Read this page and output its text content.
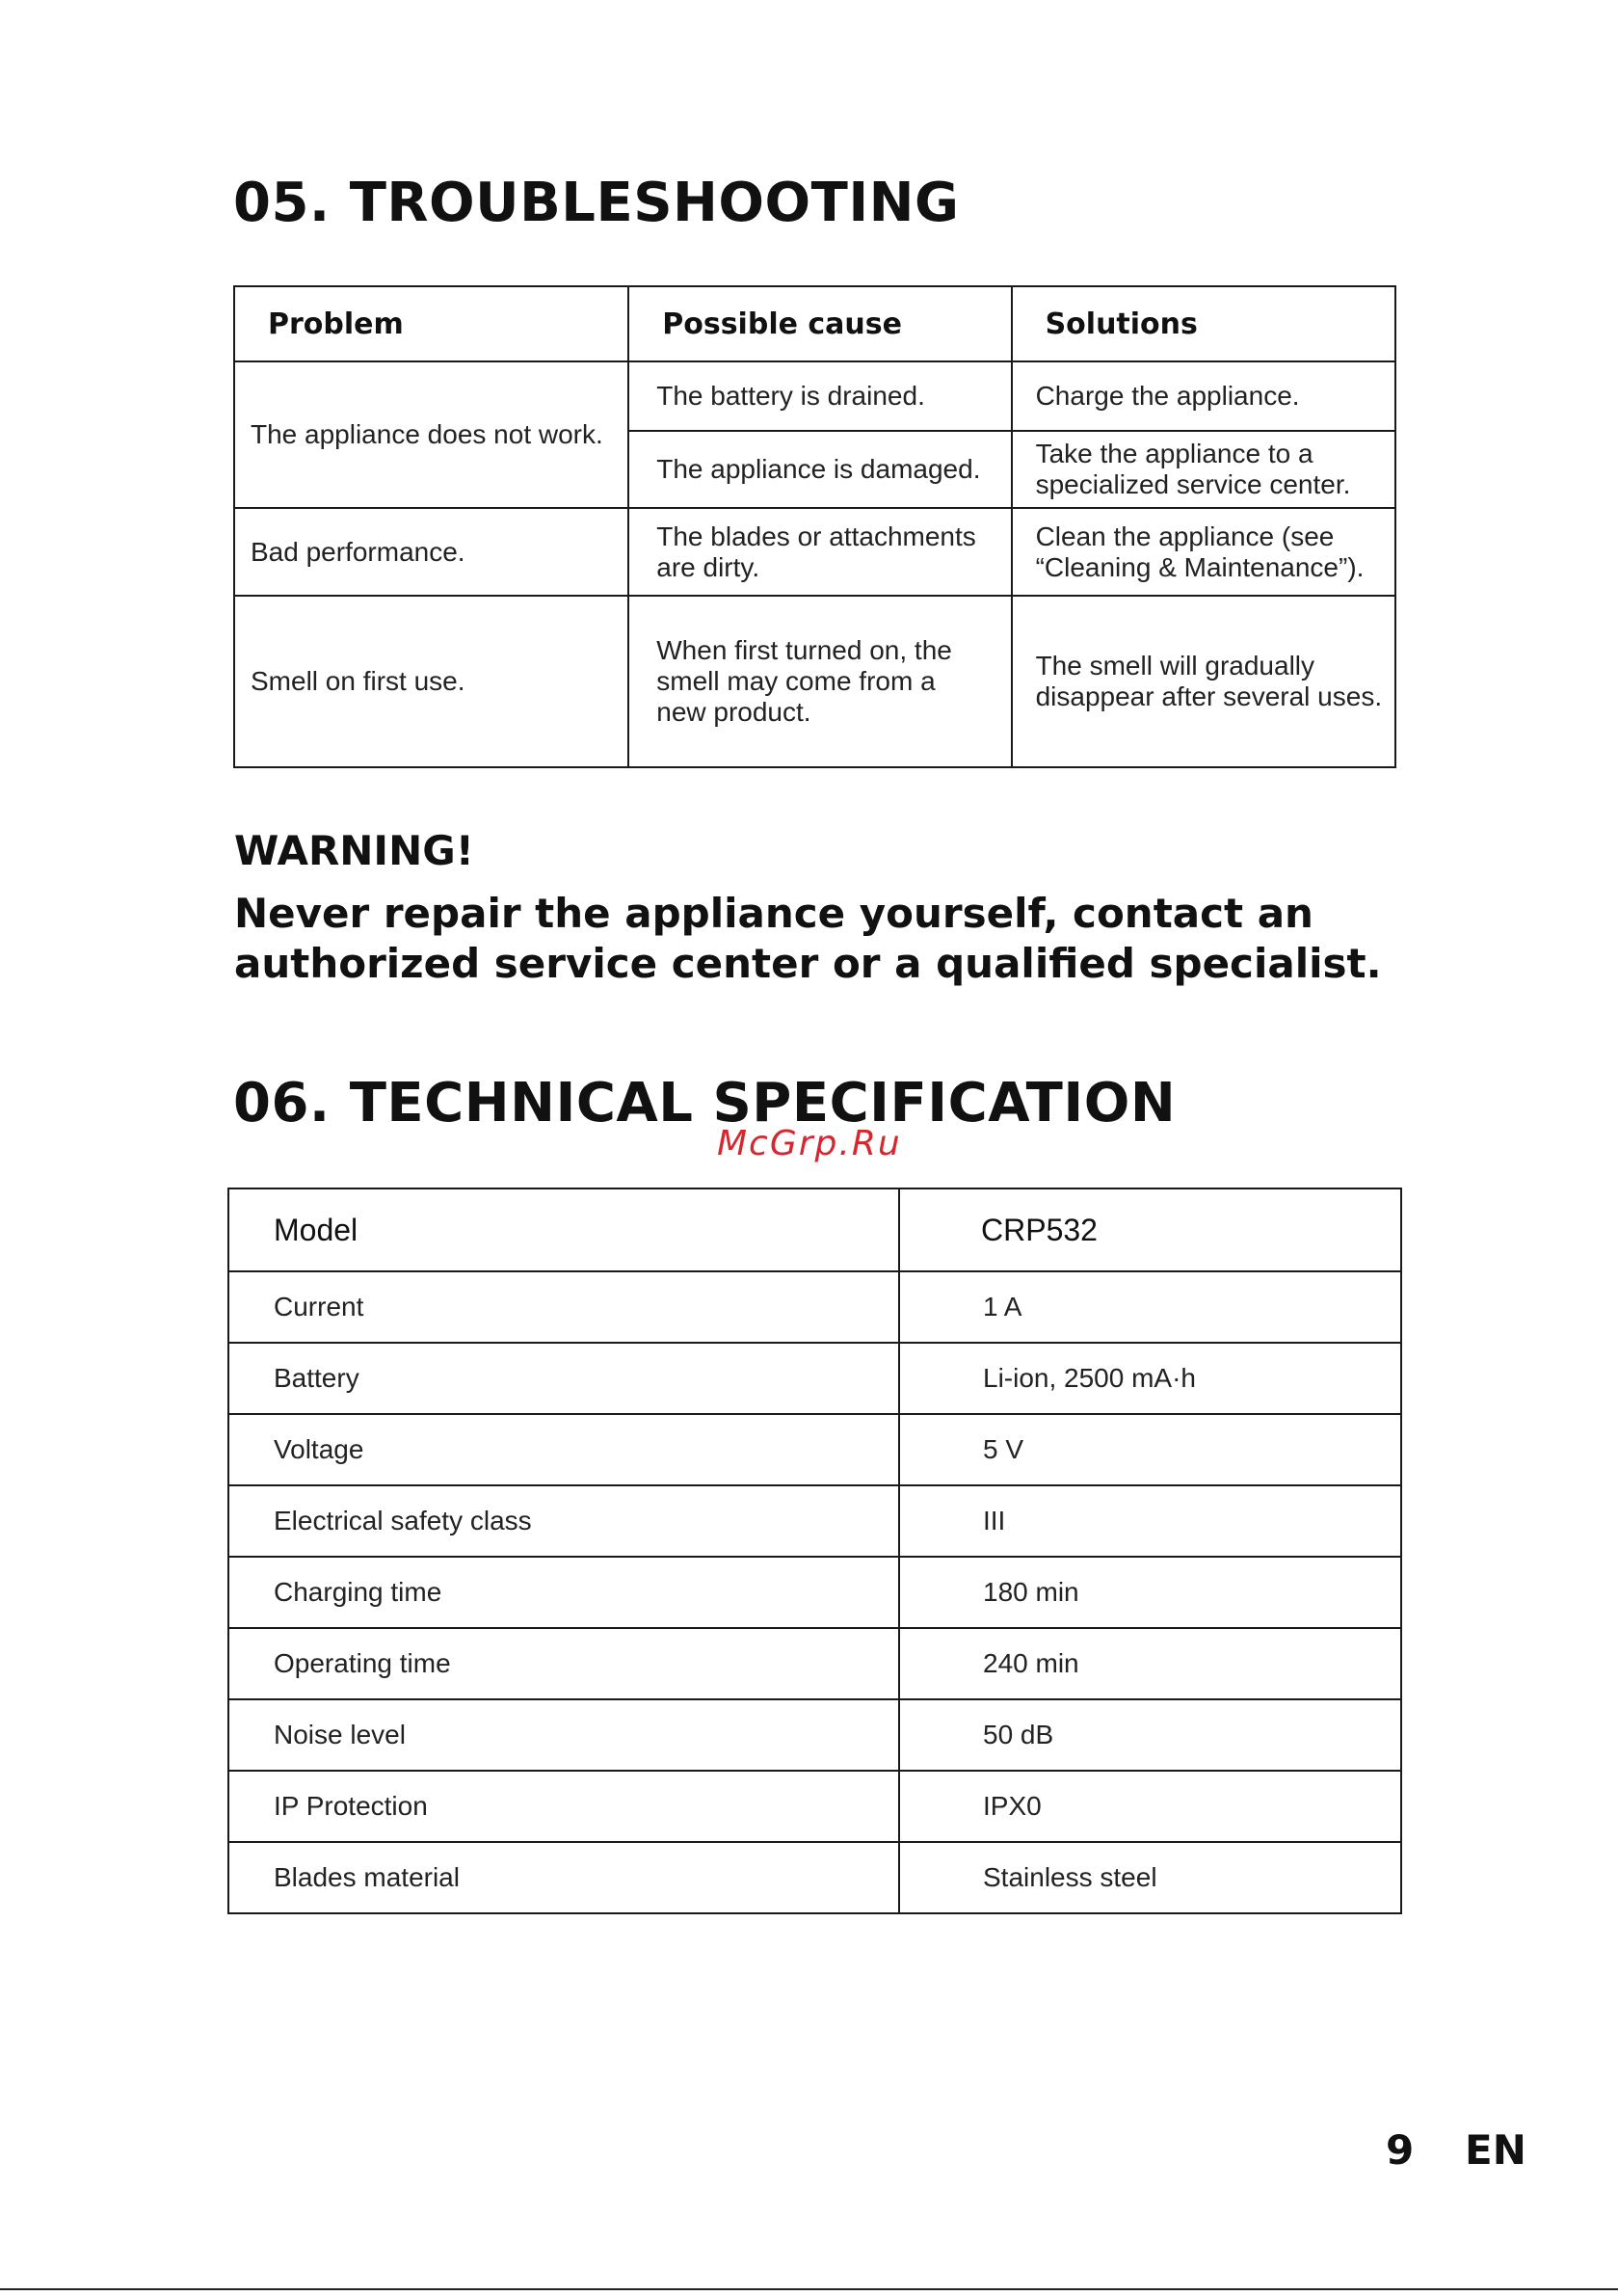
05. TROUBLESHOOTING
Problem	Possible cause	Solutions
The appliance does not work.	The battery is drained.	Charge the appliance.
	The appliance is damaged.	Take the appliance to a specialized service center.
Bad performance.	The blades or attachments are dirty.	Clean the appliance (see “Cleaning & Maintenance”).
Smell on first use.	When first turned on, the smell may come from a new product.	The smell will gradually disappear after several uses.
WARNING!
Never repair the appliance yourself, contact an authorized service center or a qualified specialist.
06. TECHNICAL SPECIFICATION
McGrp.Ru
Model	CRP532
Current	1 A
Battery	Li-ion, 2500 mA·h
Voltage	5 V
Electrical safety class	III
Charging time	180 min
Operating time	240 min
Noise level	50 dB
IP Protection	IPX0
Blades material	Stainless steel
9 EN
